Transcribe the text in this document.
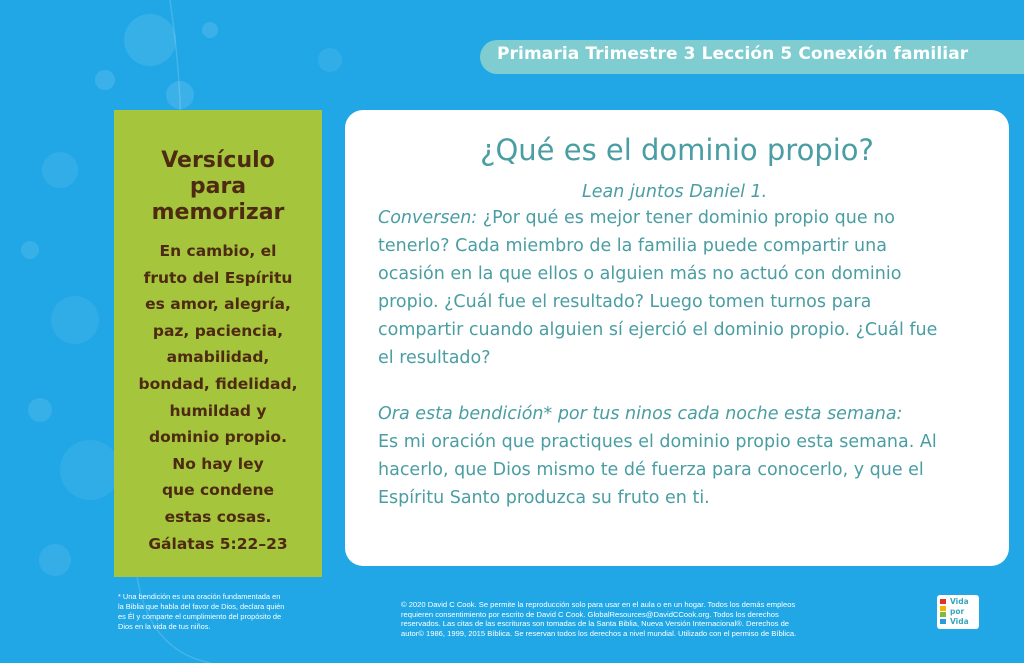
Primaria Trimestre 3 Lección 5 Conexión familiar
Versículo
para
memorizar
En cambio, el
fruto del Espíritu
es amor, alegría,
paz, paciencia,
amabilidad,
bondad, fidelidad,
humildad y
dominio propio.
No hay ley
que condene
estas cosas.
Gálatas 5:22–23
¿Qué es el dominio propio?
Lean juntos Daniel 1.
Conversen: ¿Por qué es mejor tener dominio propio que no
tenerlo? Cada miembro de la familia puede compartir una
ocasión en la que ellos o alguien más no actuó con dominio
propio. ¿Cuál fue el resultado? Luego tomen turnos para
compartir cuando alguien sí ejerció el dominio propio. ¿Cuál fue
el resultado?
Ora esta bendición* por tus ninos cada noche esta semana:
Es mi oración que practiques el dominio propio esta semana. Al
hacerlo, que Dios mismo te dé fuerza para conocerlo, y que el
Espíritu Santo produzca su fruto en ti.
* Una bendición es una oración fundamentada en
la Biblia que habla del favor de Dios, declara quién
es Él y comparte el cumplimiento del propósito de
Dios en la vida de tus niños.
© 2020 David C Cook. Se permite la reproducción solo para usar en el aula o en un hogar. Todos los demás empleos
requieren consentimiento por escrito de David C Cook. GlobalResources@DavidCCook.org. Todos los derechos
reservados. Las citas de las escrituras son tomadas de la Santa Biblia, Nueva Versión Internacional®. Derechos de
autor© 1986, 1999, 2015 Bíblica. Se reservan todos los derechos a nivel mundial. Utilizado con el permiso de Bíblica.
Vida
por
Vida
